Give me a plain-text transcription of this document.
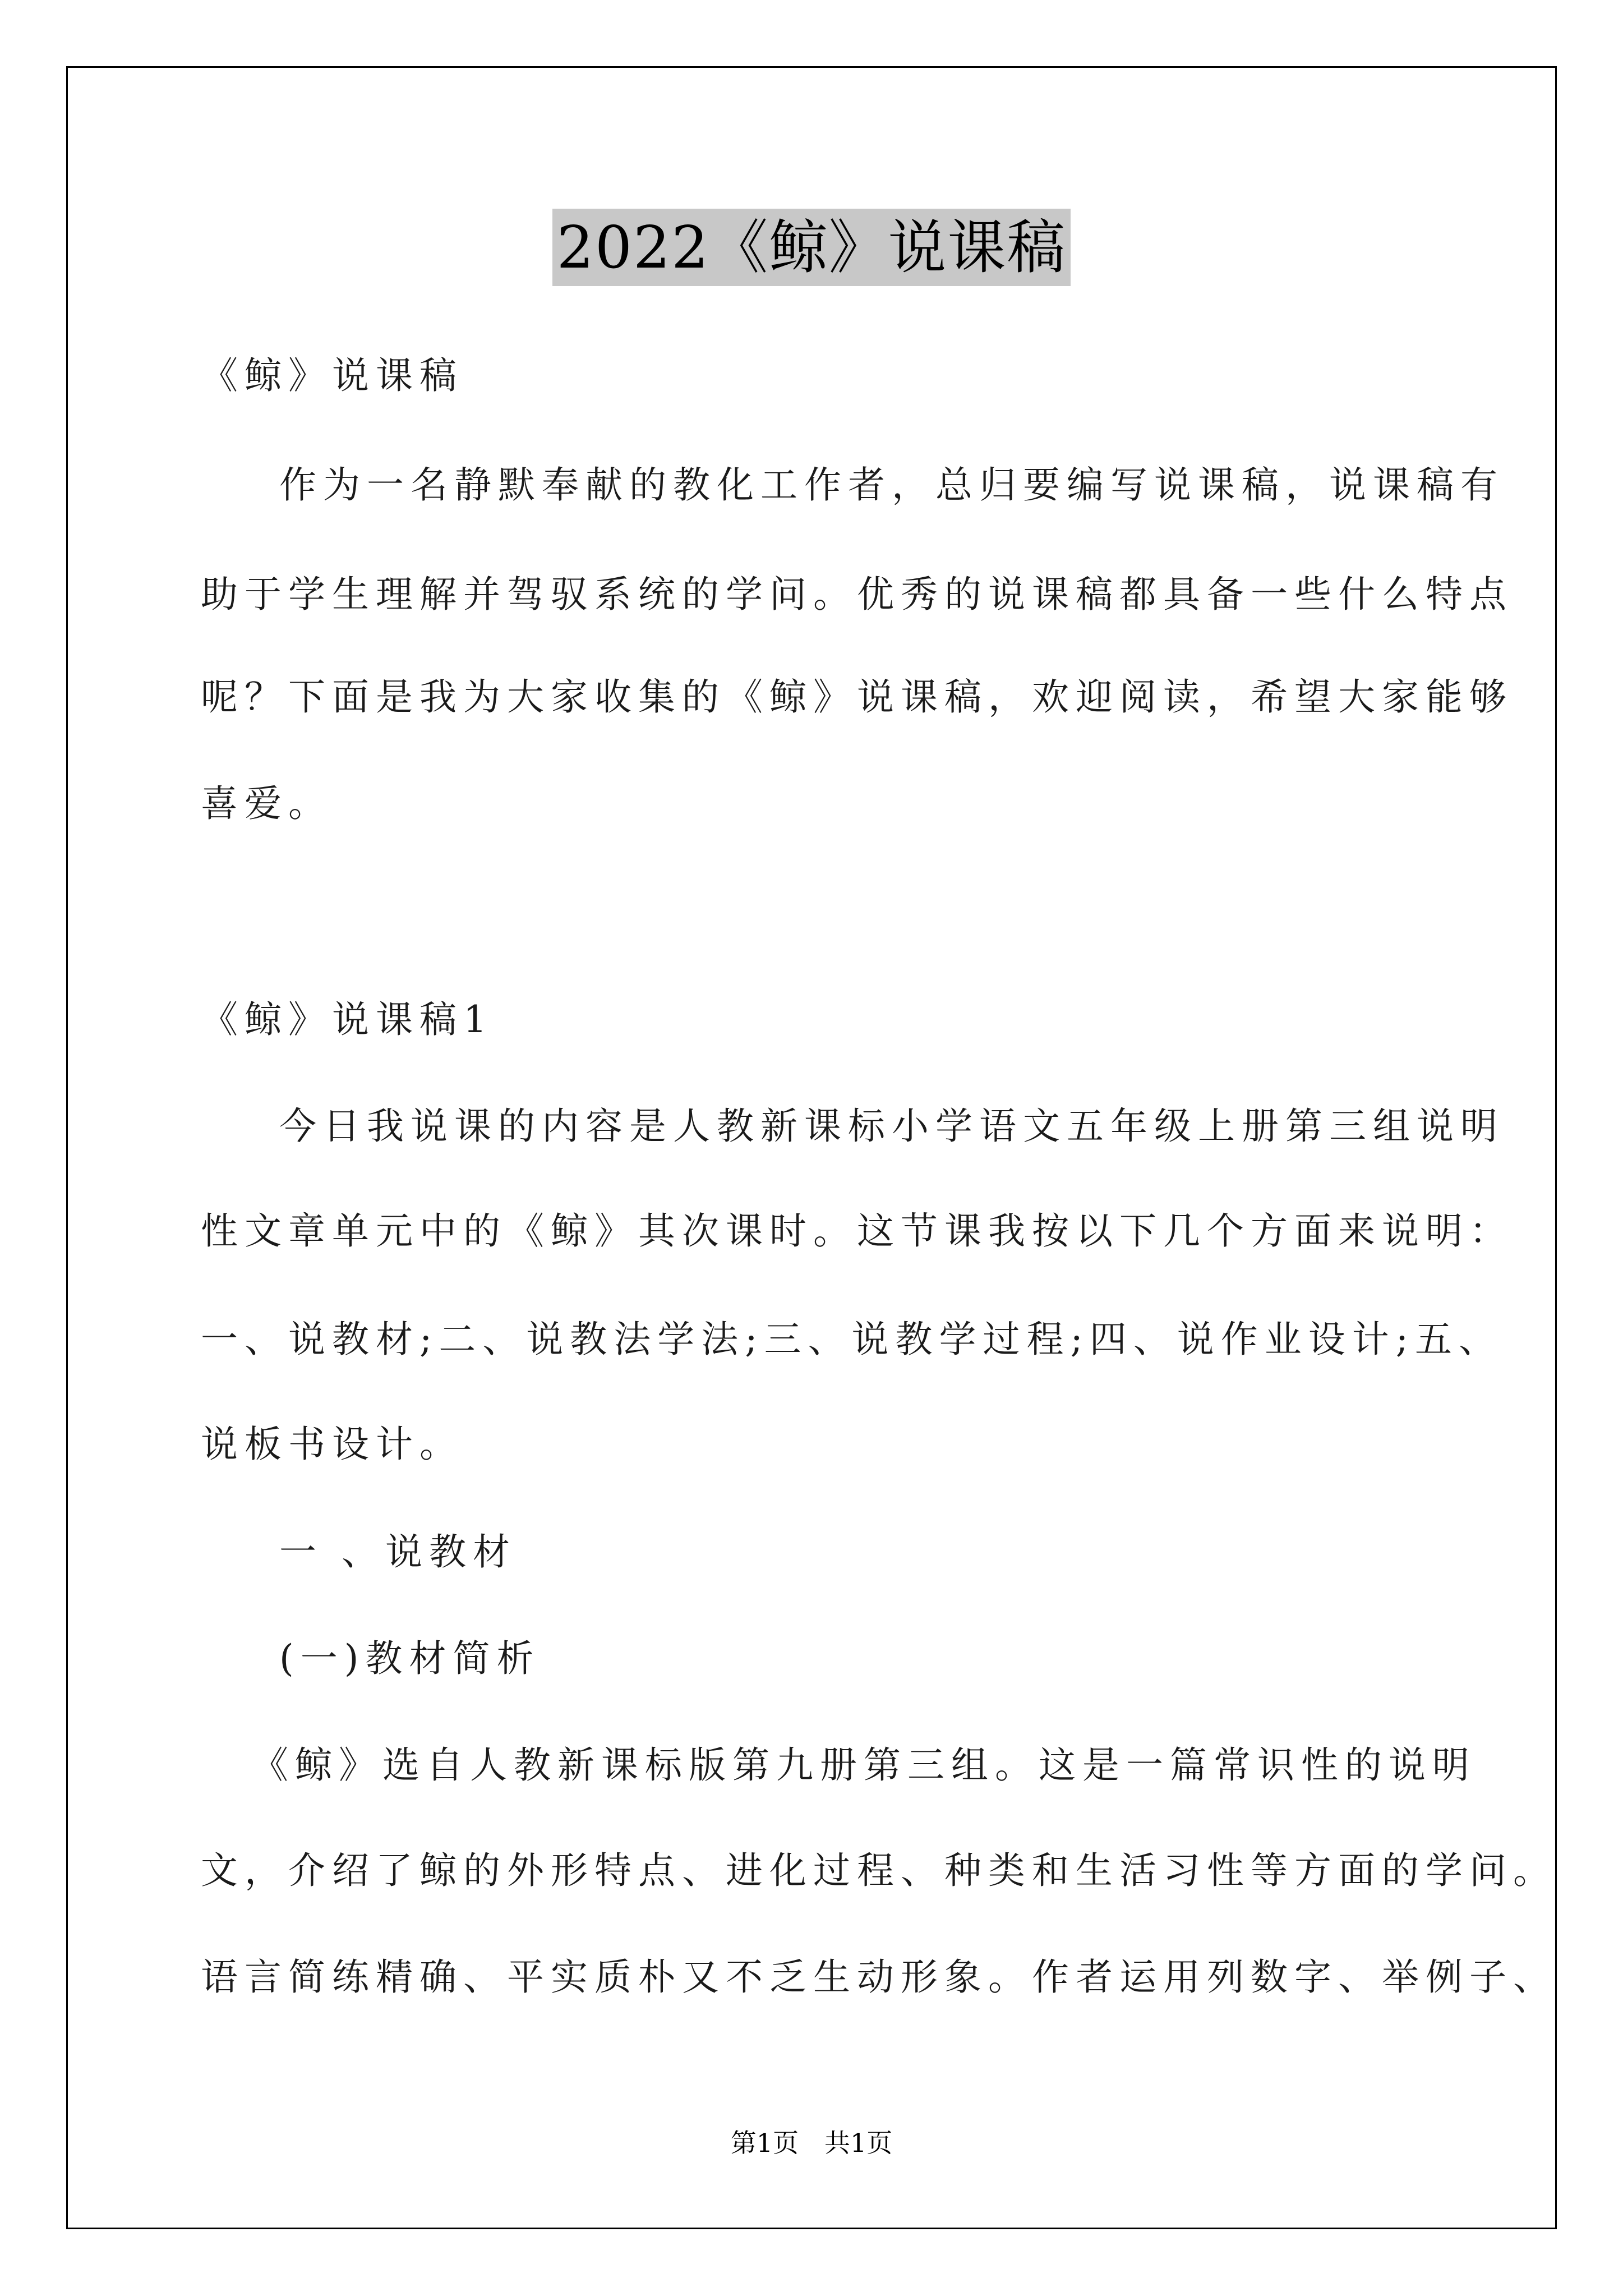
2022《鲸》说课稿
《鲸》说课稿
作为一名静默奉献的教化工作者，总归要编写说课稿，说课稿有
助于学生理解并驾驭系统的学问。优秀的说课稿都具备一些什么特点
呢？下面是我为大家收集的《鲸》说课稿，欢迎阅读，希望大家能够
喜爱。
《鲸》说课稿1
今日我说课的内容是人教新课标小学语文五年级上册第三组说明
性文章单元中的《鲸》其次课时。这节课我按以下几个方面来说明：
一、说教材;二、说教法学法;三、说教学过程;四、说作业设计;五、
说板书设计。
一 、说教材
(一)教材简析
《鲸》选自人教新课标版第九册第三组。这是一篇常识性的说明
文，介绍了鲸的外形特点、进化过程、种类和生活习性等方面的学问。
语言简练精确、平实质朴又不乏生动形象。作者运用列数字、举例子、
第1页　共1页
